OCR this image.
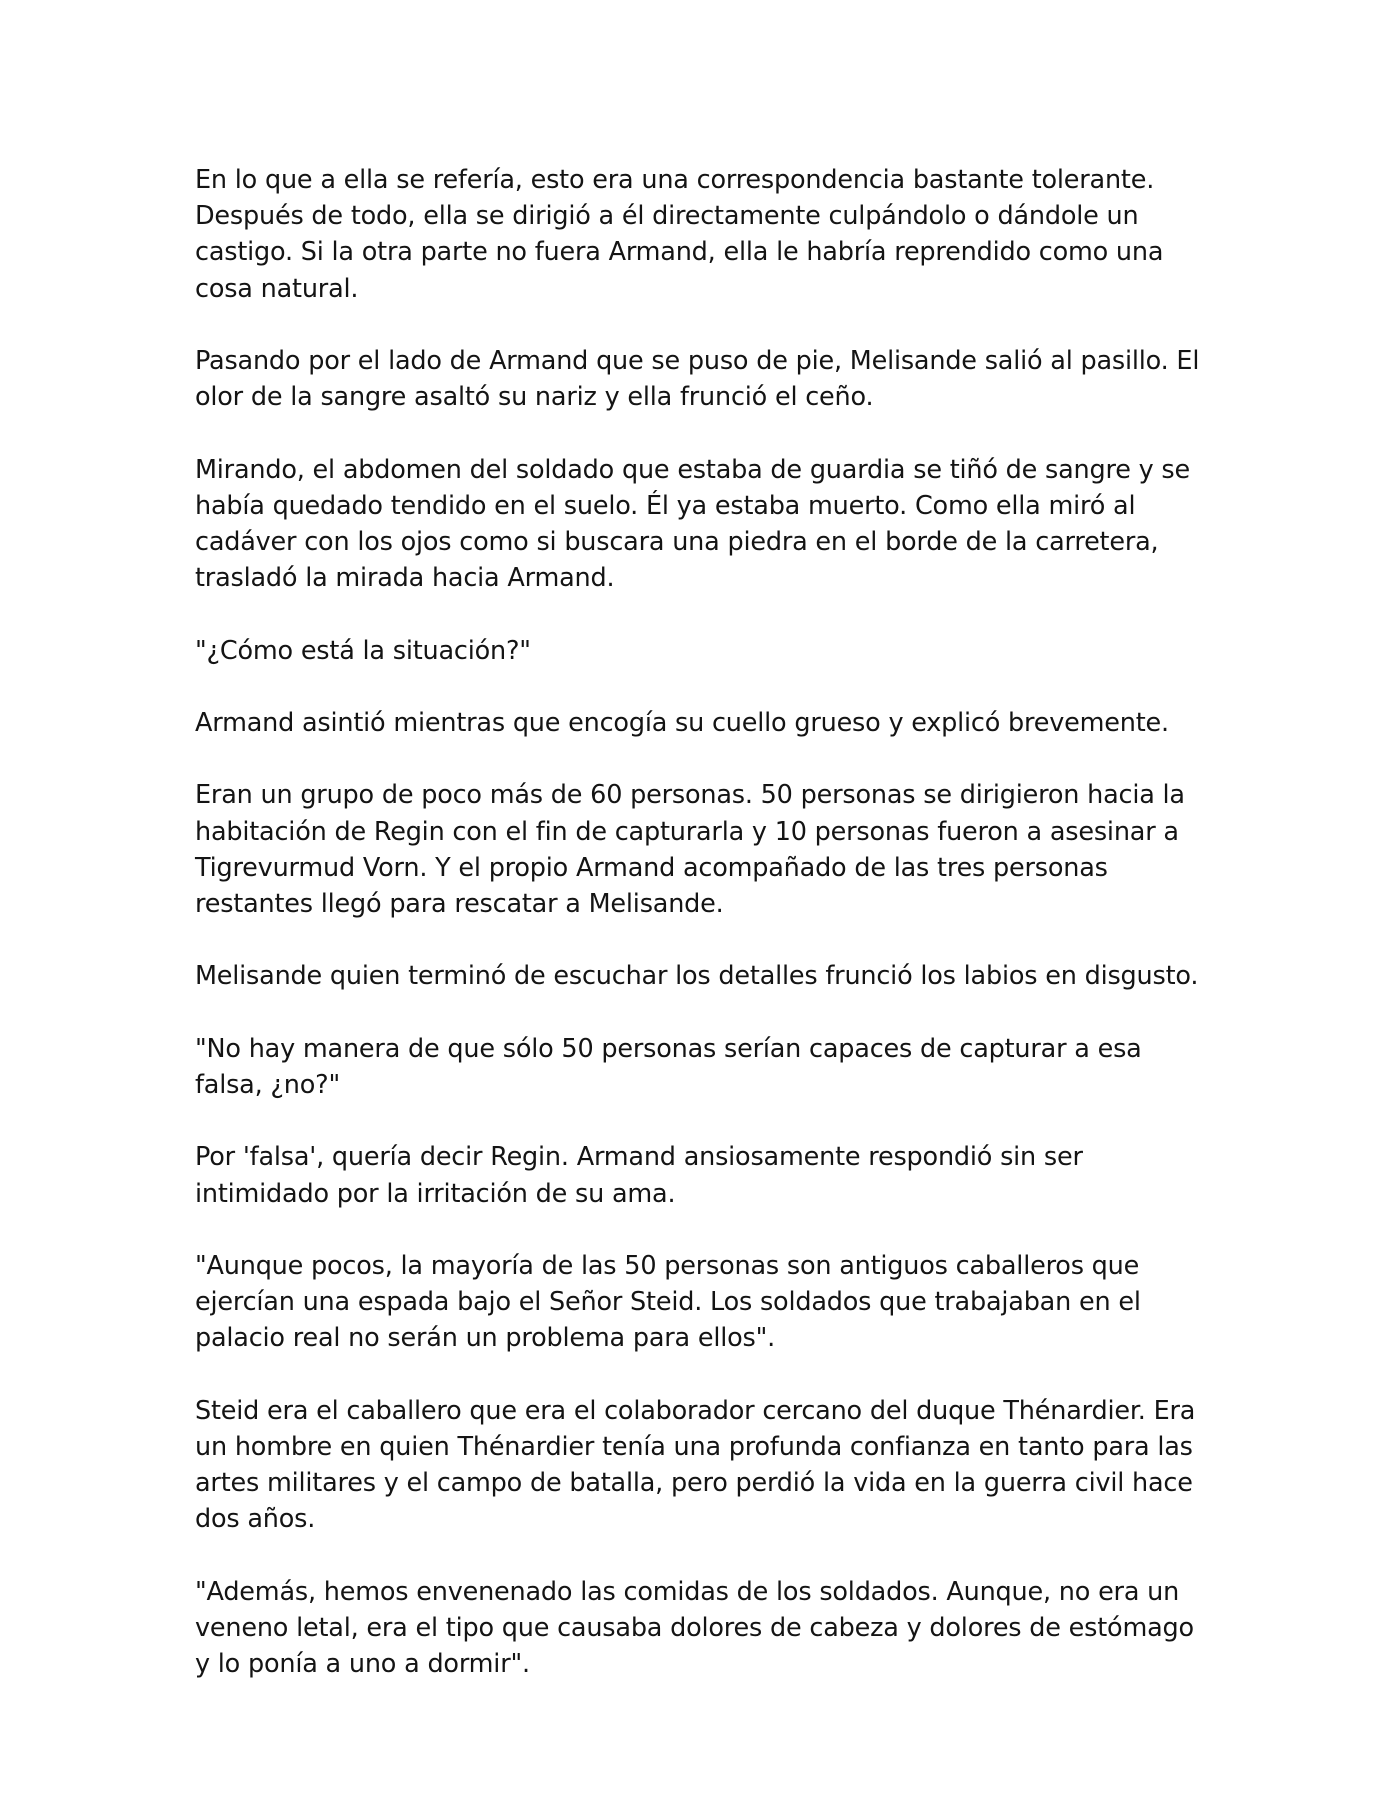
En lo que a ella se refería, esto era una correspondencia bastante tolerante. Después de todo, ella se dirigió a él directamente culpándolo o dándole un castigo. Si la otra parte no fuera Armand, ella le habría reprendido como una cosa natural.

Pasando por el lado de Armand que se puso de pie, Melisande salió al pasillo. El olor de la sangre asaltó su nariz y ella frunció el ceño.

Mirando, el abdomen del soldado que estaba de guardia se tiñó de sangre y se había quedado tendido en el suelo. Él ya estaba muerto. Como ella miró al cadáver con los ojos como si buscara una piedra en el borde de la carretera, trasladó la mirada hacia Armand.

"¿Cómo está la situación?"

Armand asintió mientras que encogía su cuello grueso y explicó brevemente.

Eran un grupo de poco más de 60 personas. 50 personas se dirigieron hacia la habitación de Regin con el fin de capturarla y 10 personas fueron a asesinar a Tigrevurmud Vorn. Y el propio Armand acompañado de las tres personas restantes llegó para rescatar a Melisande.

Melisande quien terminó de escuchar los detalles frunció los labios en disgusto.

"No hay manera de que sólo 50 personas serían capaces de capturar a esa falsa, ¿no?"

Por 'falsa', quería decir Regin. Armand ansiosamente respondió sin ser intimidado por la irritación de su ama.

"Aunque pocos, la mayoría de las 50 personas son antiguos caballeros que ejercían una espada bajo el Señor Steid. Los soldados que trabajaban en el palacio real no serán un problema para ellos".

Steid era el caballero que era el colaborador cercano del duque Thénardier. Era un hombre en quien Thénardier tenía una profunda confianza en tanto para las artes militares y el campo de batalla, pero perdió la vida en la guerra civil hace dos años.

"Además, hemos envenenado las comidas de los soldados. Aunque, no era un veneno letal, era el tipo que causaba dolores de cabeza y dolores de estómago y lo ponía a uno a dormir".
